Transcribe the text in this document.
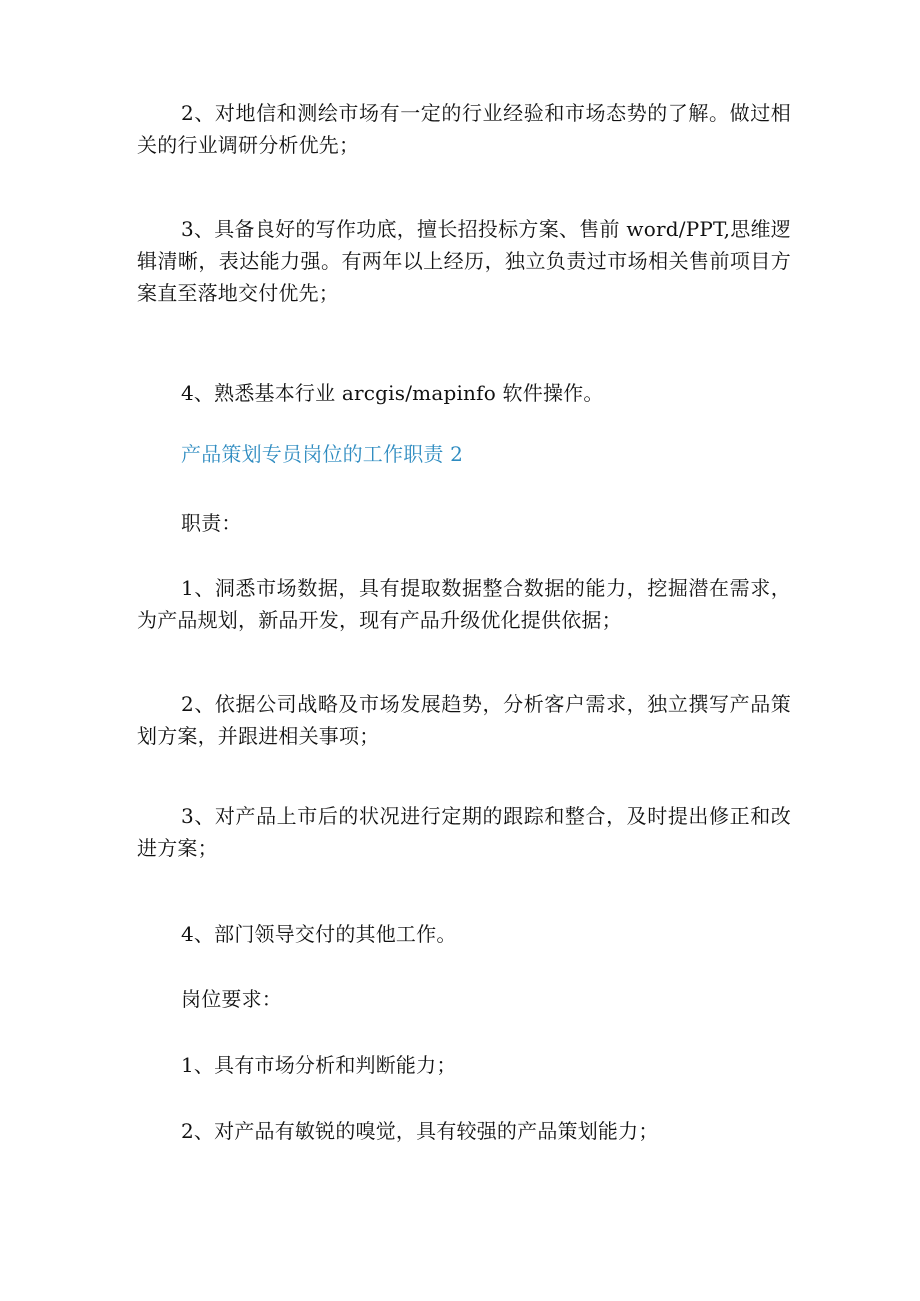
2、对地信和测绘市场有一定的行业经验和市场态势的了解。做过相关的行业调研分析优先；

3、具备良好的写作功底，擅长招投标方案、售前 word/PPT,思维逻辑清晰，表达能力强。有两年以上经历，独立负责过市场相关售前项目方案直至落地交付优先；

4、熟悉基本行业 arcgis/mapinfo 软件操作。

产品策划专员岗位的工作职责 2

职责：

1、洞悉市场数据，具有提取数据整合数据的能力，挖掘潜在需求，为产品规划，新品开发，现有产品升级优化提供依据；

2、依据公司战略及市场发展趋势，分析客户需求，独立撰写产品策划方案，并跟进相关事项；

3、对产品上市后的状况进行定期的跟踪和整合，及时提出修正和改进方案；

4、部门领导交付的其他工作。

岗位要求：

1、具有市场分析和判断能力；

2、对产品有敏锐的嗅觉，具有较强的产品策划能力；
